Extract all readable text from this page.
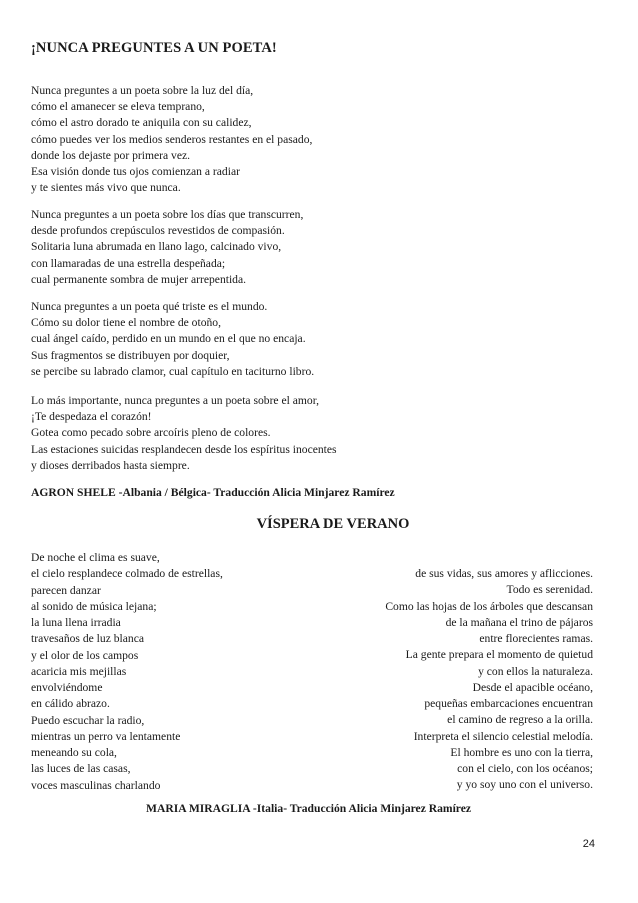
¡NUNCA PREGUNTES A UN POETA!
Nunca preguntes a un poeta sobre la luz del día,
cómo el amanecer se eleva temprano,
cómo el astro dorado te aniquila con su calidez,
cómo puedes ver los medios senderos restantes en el pasado,
donde los dejaste por primera vez.
Esa visión donde tus ojos comienzan a radiar
y te sientes más vivo que nunca.
Nunca preguntes a un poeta sobre los días que transcurren,
desde profundos crepúsculos revestidos de compasión.
Solitaria luna abrumada en llano lago, calcinado vivo,
con llamaradas de una estrella despeñada;
cual permanente sombra de mujer arrepentida.
Nunca preguntes a un poeta qué triste es el mundo.
Cómo su dolor tiene el nombre de otoño,
cual ángel caído, perdido en un mundo en el que no encaja.
Sus fragmentos se distribuyen por doquier,
se percibe su labrado clamor, cual capítulo en taciturno libro.
Lo más importante, nunca preguntes a un poeta sobre el amor,
¡Te despedaza el corazón!
Gotea como pecado sobre arcoíris pleno de colores.
Las estaciones suicidas resplandecen desde los espíritus inocentes
y dioses derribados hasta siempre.
AGRON SHELE -Albania / Bélgica- Traducción Alicia Minjarez Ramírez
VÍSPERA DE VERANO
De noche el clima es suave,
el cielo resplandece colmado de estrellas,
parecen danzar
al sonido de música lejana;
la luna llena irradia
travesaños de luz blanca
y el olor de los campos
acaricia mis mejillas
envolviéndome
en cálido abrazo.
Puedo escuchar la radio,
mientras un perro va lentamente
meneando su cola,
las luces de las casas,
voces masculinas charlando
de sus vidas, sus amores y aflicciones.
Todo es serenidad.
Como las hojas de los árboles que descansan
de la mañana el trino de pájaros
entre florecientes ramas.
La gente prepara el momento de quietud
y con ellos la naturaleza.
Desde el apacible océano,
pequeñas embarcaciones encuentran
el camino de regreso a la orilla.
Interpreta el silencio celestial melodía.
El hombre es uno con la tierra,
con el cielo, con los océanos;
y yo soy uno con el universo.
MARIA MIRAGLIA -Italia- Traducción Alicia Minjarez Ramírez
24
